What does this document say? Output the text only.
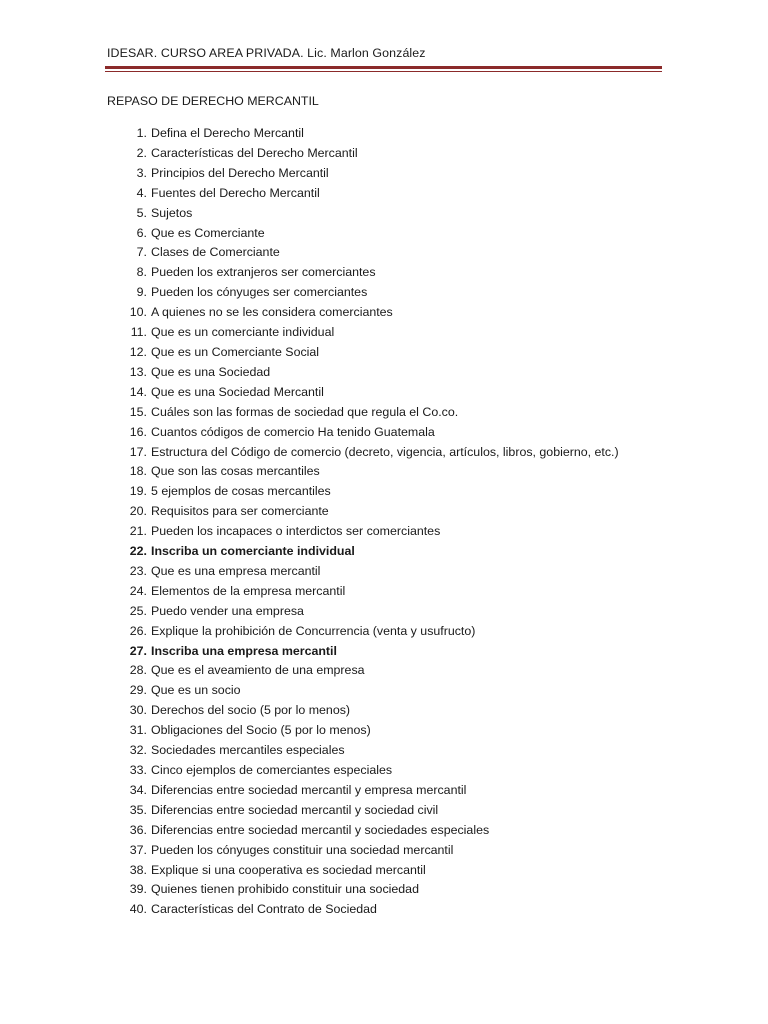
IDESAR. CURSO AREA PRIVADA. Lic. Marlon González
REPASO DE DERECHO MERCANTIL
1. Defina el Derecho Mercantil
2. Características del Derecho Mercantil
3. Principios del Derecho Mercantil
4. Fuentes del Derecho Mercantil
5. Sujetos
6. Que es Comerciante
7. Clases de Comerciante
8. Pueden los extranjeros ser comerciantes
9. Pueden los cónyuges ser comerciantes
10. A quienes no se les considera comerciantes
11. Que es un comerciante individual
12. Que es un Comerciante Social
13. Que es una Sociedad
14. Que es una Sociedad Mercantil
15. Cuáles son las formas de sociedad que regula el Co.co.
16. Cuantos códigos de comercio Ha tenido Guatemala
17. Estructura del Código de comercio (decreto, vigencia, artículos, libros, gobierno, etc.)
18. Que son las cosas mercantiles
19. 5 ejemplos de cosas mercantiles
20. Requisitos para ser comerciante
21. Pueden los incapaces o interdictos ser comerciantes
22. Inscriba un comerciante individual
23. Que es una empresa mercantil
24. Elementos de la empresa mercantil
25. Puedo vender una empresa
26. Explique la prohibición de Concurrencia (venta y usufructo)
27. Inscriba una empresa mercantil
28. Que es el aveamiento de una empresa
29. Que es un socio
30. Derechos del socio (5 por lo menos)
31. Obligaciones del Socio (5 por lo menos)
32. Sociedades mercantiles especiales
33. Cinco ejemplos de comerciantes especiales
34. Diferencias entre sociedad mercantil y empresa mercantil
35. Diferencias entre sociedad mercantil y sociedad civil
36. Diferencias entre sociedad mercantil y sociedades especiales
37. Pueden los cónyuges constituir una sociedad mercantil
38. Explique si una cooperativa es sociedad mercantil
39. Quienes tienen prohibido constituir una sociedad
40. Características del Contrato de Sociedad
